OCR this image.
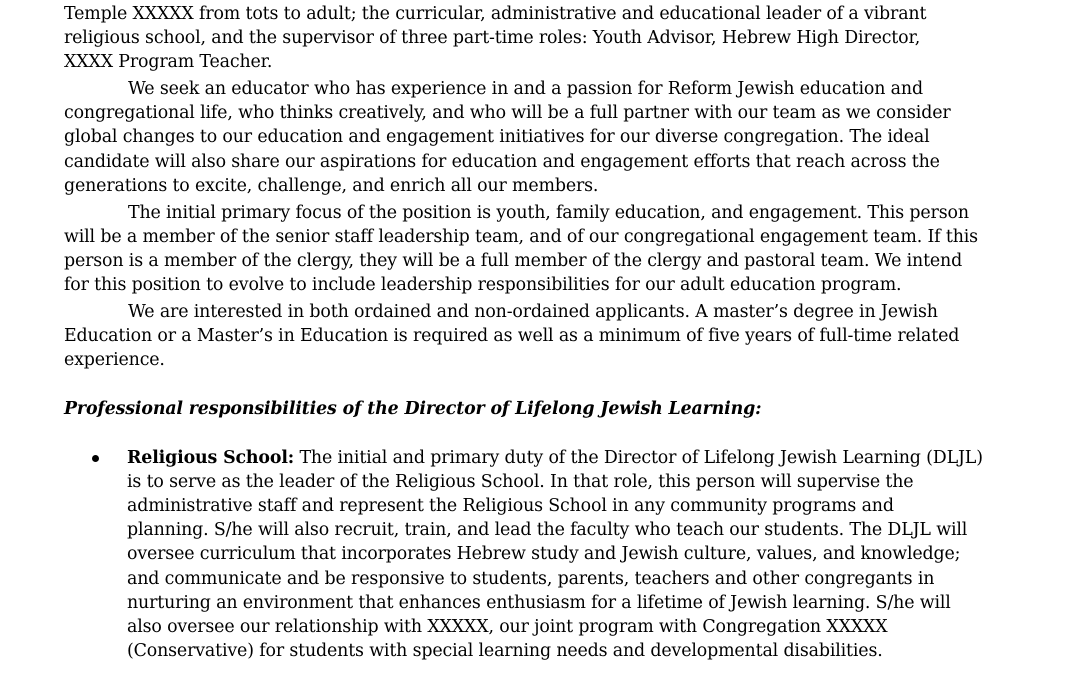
Temple XXXXX from tots to adult; the curricular, administrative and educational leader of a vibrant
religious school, and the supervisor of three part-time roles: Youth Advisor, Hebrew High Director,
XXXX Program Teacher.
We seek an educator who has experience in and a passion for Reform Jewish education and
congregational life, who thinks creatively, and who will be a full partner with our team as we consider
global changes to our education and engagement initiatives for our diverse congregation. The ideal
candidate will also share our aspirations for education and engagement efforts that reach across the
generations to excite, challenge, and enrich all our members.
The initial primary focus of the position is youth, family education, and engagement. This person
will be a member of the senior staff leadership team, and of our congregational engagement team. If this
person is a member of the clergy, they will be a full member of the clergy and pastoral team. We intend
for this position to evolve to include leadership responsibilities for our adult education program.
We are interested in both ordained and non-ordained applicants. A master’s degree in Jewish
Education or a Master’s in Education is required as well as a minimum of five years of full-time related
experience.
Professional responsibilities of the Director of Lifelong Jewish Learning:
Religious School: The initial and primary duty of the Director of Lifelong Jewish Learning (DLJL)
is to serve as the leader of the Religious School. In that role, this person will supervise the
administrative staff and represent the Religious School in any community programs and
planning. S/he will also recruit, train, and lead the faculty who teach our students. The DLJL will
oversee curriculum that incorporates Hebrew study and Jewish culture, values, and knowledge;
and communicate and be responsive to students, parents, teachers and other congregants in
nurturing an environment that enhances enthusiasm for a lifetime of Jewish learning. S/he will
also oversee our relationship with XXXXX, our joint program with Congregation XXXXX
(Conservative) for students with special learning needs and developmental disabilities.
